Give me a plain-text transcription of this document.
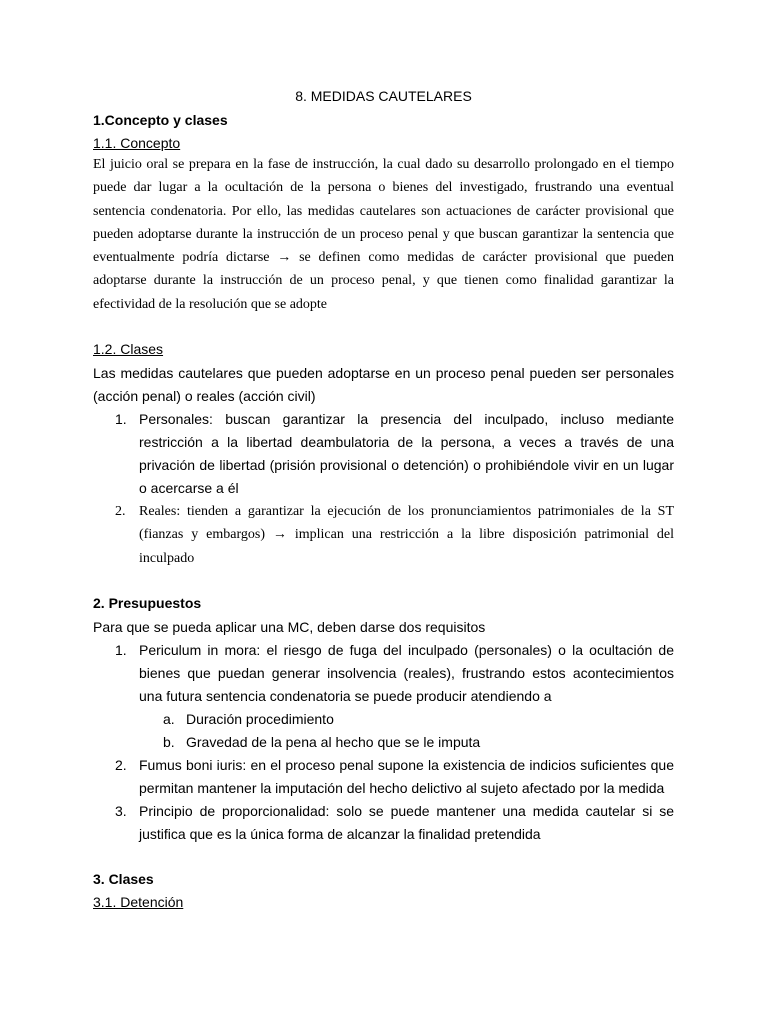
8. MEDIDAS CAUTELARES
1.Concepto y clases
1.1. Concepto

El juicio oral se prepara en la fase de instrucción, la cual dado su desarrollo prolongado en el tiempo puede dar lugar a la ocultación de la persona o bienes del investigado, frustrando una eventual sentencia condenatoria. Por ello, las medidas cautelares son actuaciones de carácter provisional que pueden adoptarse durante la instrucción de un proceso penal y que buscan garantizar la sentencia que eventualmente podría dictarse → se definen como medidas de carácter provisional que pueden adoptarse durante la instrucción de un proceso penal, y que tienen como finalidad garantizar la efectividad de la resolución que se adopte

1.2. Clases

Las medidas cautelares que pueden adoptarse en un proceso penal pueden ser personales (acción penal) o reales (acción civil)

1. Personales: buscan garantizar la presencia del inculpado, incluso mediante restricción a la libertad deambulatoria de la persona, a veces a través de una privación de libertad (prisión provisional o detención) o prohibiéndole vivir en un lugar o acercarse a él
2. Reales: tienden a garantizar la ejecución de los pronunciamientos patrimoniales de la ST (fianzas y embargos) → implican una restricción a la libre disposición patrimonial del inculpado
2. Presupuestos

Para que se pueda aplicar una MC, deben darse dos requisitos

1. Periculum in mora: el riesgo de fuga del inculpado (personales) o la ocultación de bienes que puedan generar insolvencia (reales), frustrando estos acontecimientos una futura sentencia condenatoria se puede producir atendiendo a
a. Duración procedimiento
b. Gravedad de la pena al hecho que se le imputa
2. Fumus boni iuris: en el proceso penal supone la existencia de indicios suficientes que permitan mantener la imputación del hecho delictivo al sujeto afectado por la medida
3. Principio de proporcionalidad: solo se puede mantener una medida cautelar si se justifica que es la única forma de alcanzar la finalidad pretendida
3. Clases
3.1. Detención
